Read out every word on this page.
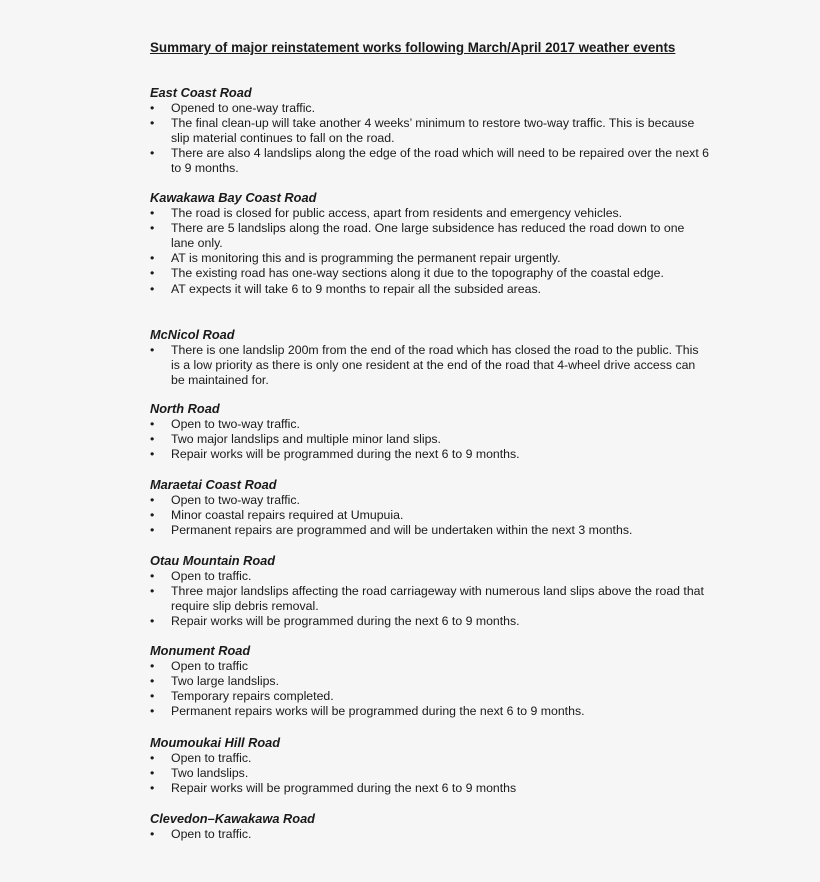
Summary of major reinstatement works following March/April 2017 weather events
East Coast Road
•	Opened to one-way traffic.
•	The final clean-up will take another 4 weeks’ minimum to restore two-way traffic. This is because slip material continues to fall on the road.
•	There are also 4 landslips along the edge of the road which will need to be repaired over the next 6 to 9 months.
Kawakawa Bay Coast Road
•	The road is closed for public access, apart from residents and emergency vehicles.
•	There are 5 landslips along the road. One large subsidence has reduced the road down to one lane only.
•	AT is monitoring this and is programming the permanent repair urgently.
•	The existing road has one-way sections along it due to the topography of the coastal edge.
•	AT expects it will take 6 to 9 months to repair all the subsided areas.
McNicol Road
•	There is one landslip 200m from the end of the road which has closed the road to the public. This is a low priority as there is only one resident at the end of the road that 4-wheel drive access can be maintained for.
North Road
•	Open to two-way traffic.
•	Two major landslips and multiple minor land slips.
•	Repair works will be programmed during the next 6 to 9 months.
Maraetai Coast Road
•	Open to two-way traffic.
•	Minor coastal repairs required at Umupuia.
•	Permanent repairs are programmed and will be undertaken within the next 3 months.
Otau Mountain Road
•	Open to traffic.
•	Three major landslips affecting the road carriageway with numerous land slips above the road that require slip debris removal.
•	Repair works will be programmed during the next 6 to 9 months.
Monument Road
•	Open to traffic
•	Two large landslips.
•	Temporary repairs completed.
•	Permanent repairs works will be programmed during the next 6 to 9 months.
Moumoukai Hill Road
•	Open to traffic.
•	Two landslips.
•	Repair works will be programmed during the next 6 to 9 months
Clevedon–Kawakawa Road
•	Open to traffic.
